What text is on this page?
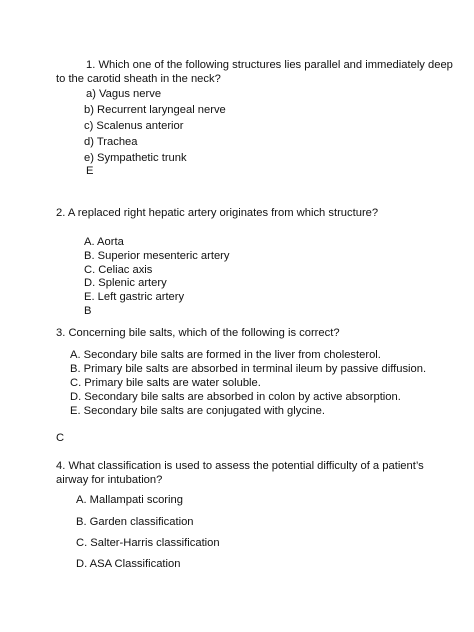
1. Which one of the following structures lies parallel and immediately deep

to the carotid sheath in the neck?

a) Vagus nerve

b) Recurrent laryngeal nerve

c) Scalenus anterior

d) Trachea

e) Sympathetic trunk

E

2. A replaced right hepatic artery originates from which structure?

A. Aorta

B. Superior mesenteric artery

C. Celiac axis

D. Splenic artery

E. Left gastric artery

B

3. Concerning bile salts, which of the following is correct?

A. Secondary bile salts are formed in the liver from cholesterol.

B. Primary bile salts are absorbed in terminal ileum by passive diffusion.

C. Primary bile salts are water soluble.

D. Secondary bile salts are absorbed in colon by active absorption.

E. Secondary bile salts are conjugated with glycine.

C

4. What classification is used to assess the potential difficulty of a patient’s

airway for intubation?

A. Mallampati scoring

B. Garden classification

C. Salter-Harris classification

D. ASA Classification
